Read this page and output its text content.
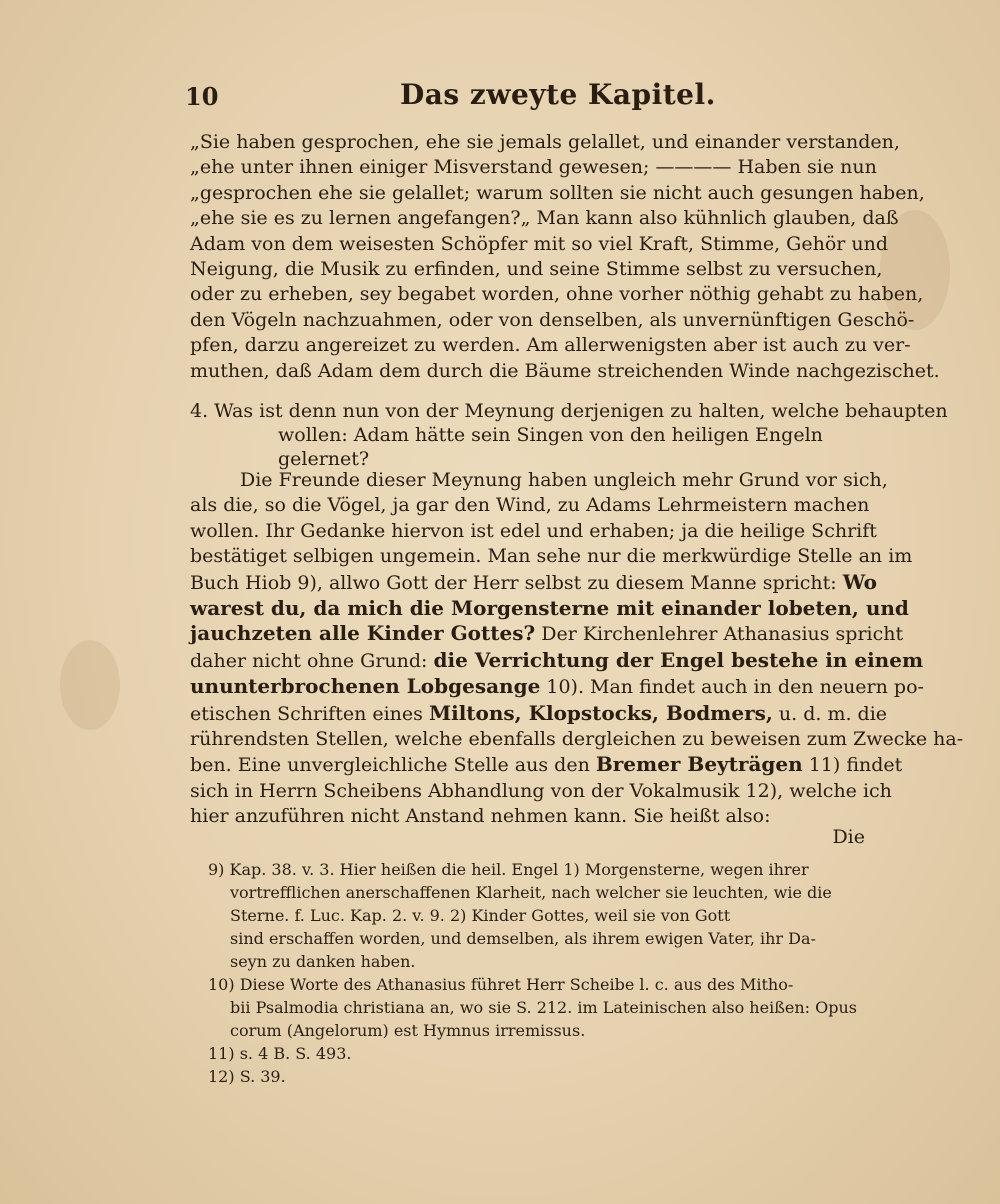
10	Das zweyte Kapitel.
„Sie haben gesprochen, ehe sie jemals gelallet, und einander verstanden,
„ehe unter ihnen einiger Misverstand gewesen; ———— Haben sie nun
„gesprochen ehe sie gelallet; warum sollten sie nicht auch gesungen haben,
„ehe sie es zu lernen angefangen?„ Man kann also kühnlich glauben, daß
Adam von dem weisesten Schöpfer mit so viel Kraft, Stimme, Gehör und
Neigung, die Musik zu erfinden, und seine Stimme selbst zu versuchen,
oder zu erheben, sey begabet worden, ohne vorher nöthig gehabt zu haben,
den Vögeln nachzuahmen, oder von denselben, als unvernünftigen Geschö-
pfen, darzu angereizet zu werden. Am allerwenigsten aber ist auch zu ver-
muthen, daß Adam dem durch die Bäume streichenden Winde nachgezischet.
4. Was ist denn nun von der Meynung derjenigen zu halten, welche behaupten
wollen: Adam hätte sein Singen von den heiligen Engeln
gelernet?
Die Freunde dieser Meynung haben ungleich mehr Grund vor sich,
als die, so die Vögel, ja gar den Wind, zu Adams Lehrmeistern machen
wollen. Ihr Gedanke hiervon ist edel und erhaben; ja die heilige Schrift
bestätiget selbigen ungemein. Man sehe nur die merkwürdige Stelle an im
Buch Hiob 9), allwo Gott der Herr selbst zu diesem Manne spricht: Wo
warest du, da mich die Morgensterne mit einander lobeten, und
jauchzeten alle Kinder Gottes? Der Kirchenlehrer Athanasius spricht
daher nicht ohne Grund: die Verrichtung der Engel bestehe in einem
ununterbrochenen Lobgesange 10). Man findet auch in den neuern po-
etischen Schriften eines Miltons, Klopstocks, Bodmers, u. d. m. die
rührendsten Stellen, welche ebenfalls dergleichen zu beweisen zum Zwecke ha-
ben. Eine unvergleichliche Stelle aus den Bremer Beyträgen 11) findet
sich in Herrn Scheibens Abhandlung von der Vokalmusik 12), welche ich
hier anzuführen nicht Anstand nehmen kann. Sie heißt also:
Die
9) Kap. 38. v. 3. Hier heißen die heil. Engel 1) Morgensterne, wegen ihrer
vortrefflichen anerschaffenen Klarheit, nach welcher sie leuchten, wie die
Sterne. f. Luc. Kap. 2. v. 9. 2) Kinder Gottes, weil sie von Gott
sind erschaffen worden, und demselben, als ihrem ewigen Vater, ihr Da-
seyn zu danken haben.
10) Diese Worte des Athanasius führet Herr Scheibe l. c. aus des Mitho-
bii Psalmodia christiana an, wo sie S. 212. im Lateinischen also heißen: Opus
corum (Angelorum) est Hymnus irremissus.
11) s. 4 B. S. 493.
12) S. 39.
